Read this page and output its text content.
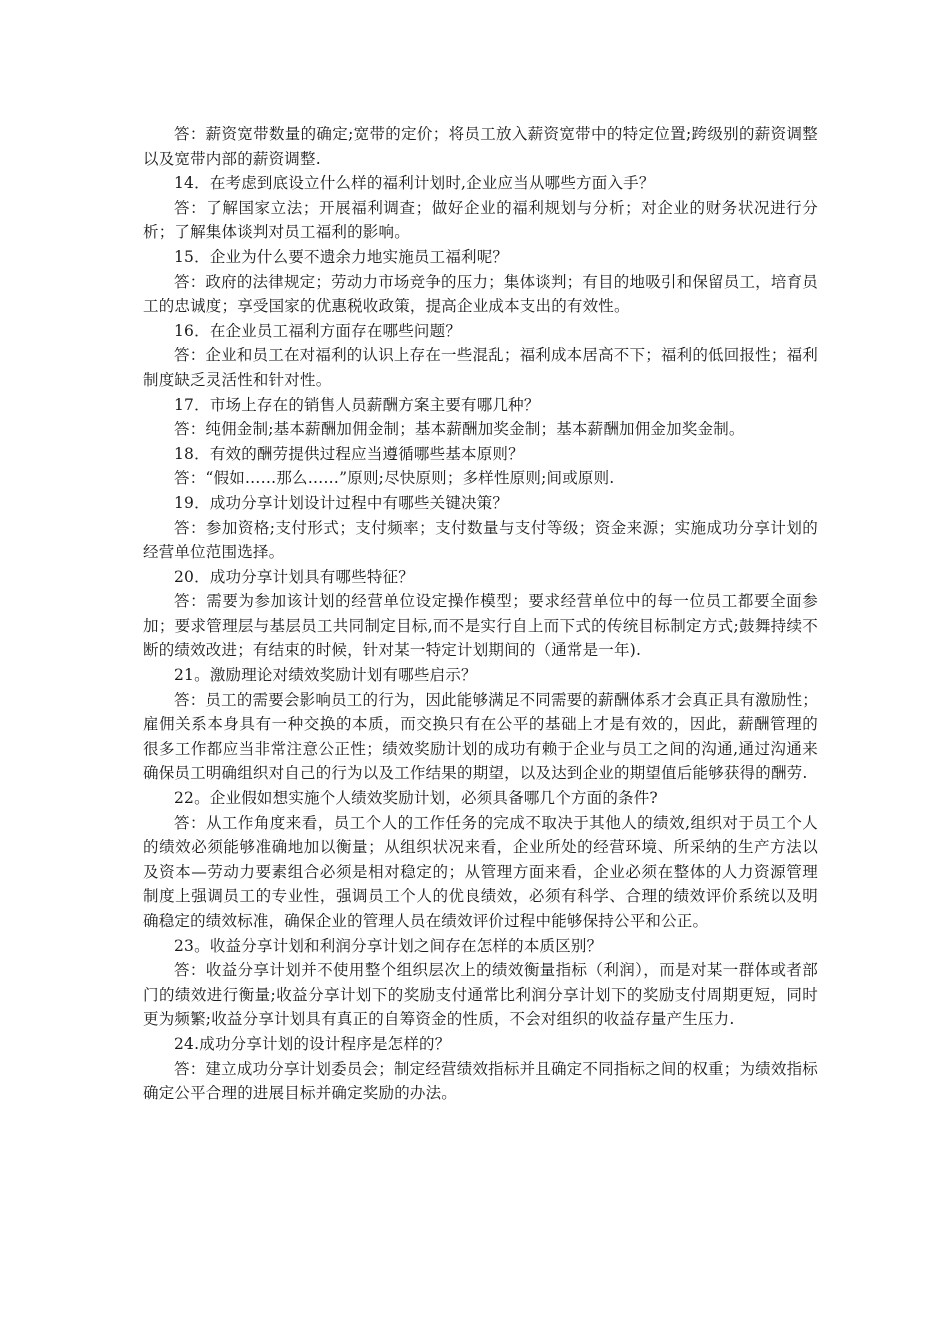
答：薪资宽带数量的确定;宽带的定价；将员工放入薪资宽带中的特定位置;跨级别的薪资调整以及宽带内部的薪资调整.

14．在考虑到底设立什么样的福利计划时,企业应当从哪些方面入手？

答：了解国家立法；开展福利调查；做好企业的福利规划与分析；对企业的财务状况进行分析；了解集体谈判对员工福利的影响。

15．企业为什么要不遗余力地实施员工福利呢？

答：政府的法律规定；劳动力市场竞争的压力；集体谈判；有目的地吸引和保留员工，培育员工的忠诚度；享受国家的优惠税收政策，提高企业成本支出的有效性。

16．在企业员工福利方面存在哪些问题？

答：企业和员工在对福利的认识上存在一些混乱；福利成本居高不下；福利的低回报性；福利制度缺乏灵活性和针对性。

17．市场上存在的销售人员薪酬方案主要有哪几种？

答：纯佣金制;基本薪酬加佣金制；基本薪酬加奖金制；基本薪酬加佣金加奖金制。

18．有效的酬劳提供过程应当遵循哪些基本原则？

答：“假如……那么……”原则;尽快原则；多样性原则;间或原则.

19．成功分享计划设计过程中有哪些关键决策？

答：参加资格;支付形式；支付频率；支付数量与支付等级；资金来源；实施成功分享计划的经营单位范围选择。

20．成功分享计划具有哪些特征？

答：需要为参加该计划的经营单位设定操作模型；要求经营单位中的每一位员工都要全面参加；要求管理层与基层员工共同制定目标,而不是实行自上而下式的传统目标制定方式;鼓舞持续不断的绩效改进；有结束的时候，针对某一特定计划期间的（通常是一年).

21。激励理论对绩效奖励计划有哪些启示？

答：员工的需要会影响员工的行为，因此能够满足不同需要的薪酬体系才会真正具有激励性；雇佣关系本身具有一种交换的本质，而交换只有在公平的基础上才是有效的，因此，薪酬管理的很多工作都应当非常注意公正性；绩效奖励计划的成功有赖于企业与员工之间的沟通,通过沟通来确保员工明确组织对自己的行为以及工作结果的期望，以及达到企业的期望值后能够获得的酬劳.

22。企业假如想实施个人绩效奖励计划，必须具备哪几个方面的条件?

答：从工作角度来看，员工个人的工作任务的完成不取决于其他人的绩效,组织对于员工个人的绩效必须能够准确地加以衡量；从组织状况来看，企业所处的经营环境、所采纳的生产方法以及资本—劳动力要素组合必须是相对稳定的；从管理方面来看，企业必须在整体的人力资源管理制度上强调员工的专业性，强调员工个人的优良绩效，必须有科学、合理的绩效评价系统以及明确稳定的绩效标准，确保企业的管理人员在绩效评价过程中能够保持公平和公正。

23。收益分享计划和利润分享计划之间存在怎样的本质区别？

答：收益分享计划并不使用整个组织层次上的绩效衡量指标（利润），而是对某一群体或者部门的绩效进行衡量;收益分享计划下的奖励支付通常比利润分享计划下的奖励支付周期更短，同时更为频繁;收益分享计划具有真正的自筹资金的性质，不会对组织的收益存量产生压力.

24.成功分享计划的设计程序是怎样的？

答：建立成功分享计划委员会；制定经营绩效指标并且确定不同指标之间的权重；为绩效指标确定公平合理的进展目标并确定奖励的办法。
